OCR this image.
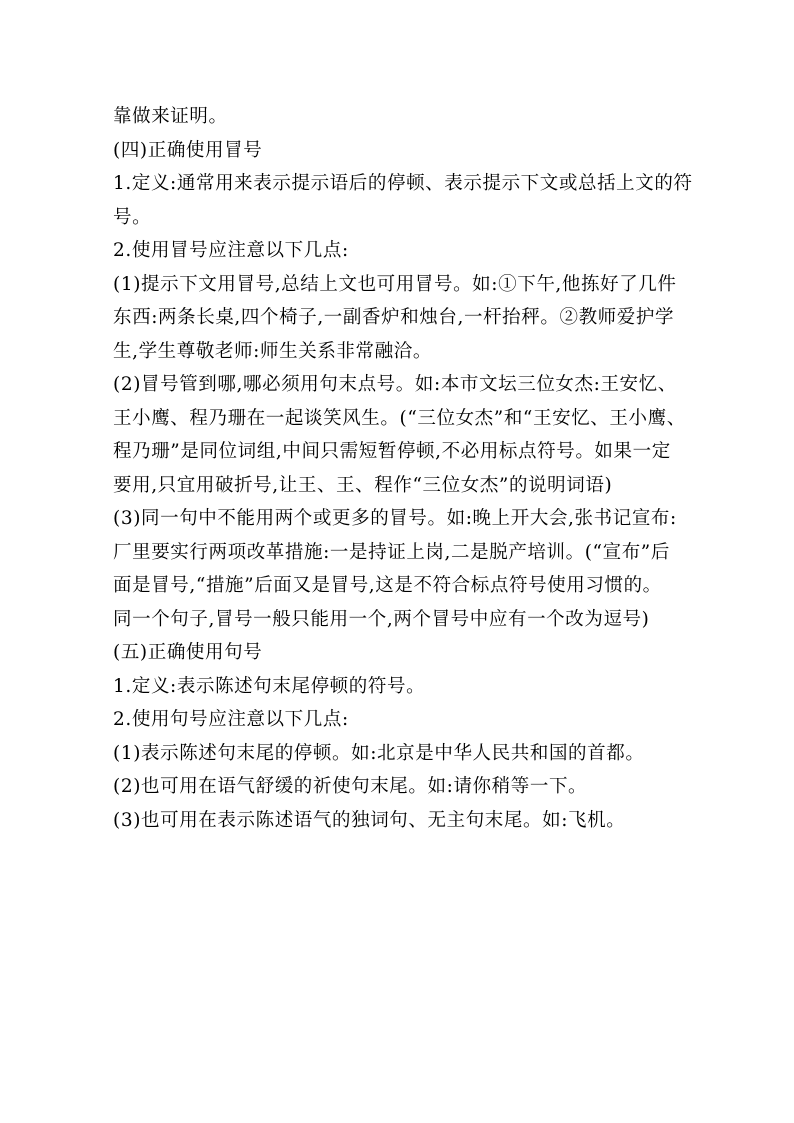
靠做来证明。
(四)正确使用冒号
1.定义:通常用来表示提示语后的停顿、表示提示下文或总括上文的符
号。
2.使用冒号应注意以下几点:
(1)提示下文用冒号,总结上文也可用冒号。如:①下午,他拣好了几件
东西:两条长桌,四个椅子,一副香炉和烛台,一杆抬秤。②教师爱护学
生,学生尊敬老师:师生关系非常融洽。
(2)冒号管到哪,哪必须用句末点号。如:本市文坛三位女杰:王安忆、
王小鹰、程乃珊在一起谈笑风生。(“三位女杰”和“王安忆、王小鹰、
程乃珊”是同位词组,中间只需短暂停顿,不必用标点符号。如果一定
要用,只宜用破折号,让王、王、程作“三位女杰”的说明词语)
(3)同一句中不能用两个或更多的冒号。如:晚上开大会,张书记宣布:
厂里要实行两项改革措施:一是持证上岗,二是脱产培训。(“宣布”后
面是冒号,“措施”后面又是冒号,这是不符合标点符号使用习惯的。
同一个句子,冒号一般只能用一个,两个冒号中应有一个改为逗号)
(五)正确使用句号
1.定义:表示陈述句末尾停顿的符号。
2.使用句号应注意以下几点:
(1)表示陈述句末尾的停顿。如:北京是中华人民共和国的首都。
(2)也可用在语气舒缓的祈使句末尾。如:请你稍等一下。
(3)也可用在表示陈述语气的独词句、无主句末尾。如:飞机。
